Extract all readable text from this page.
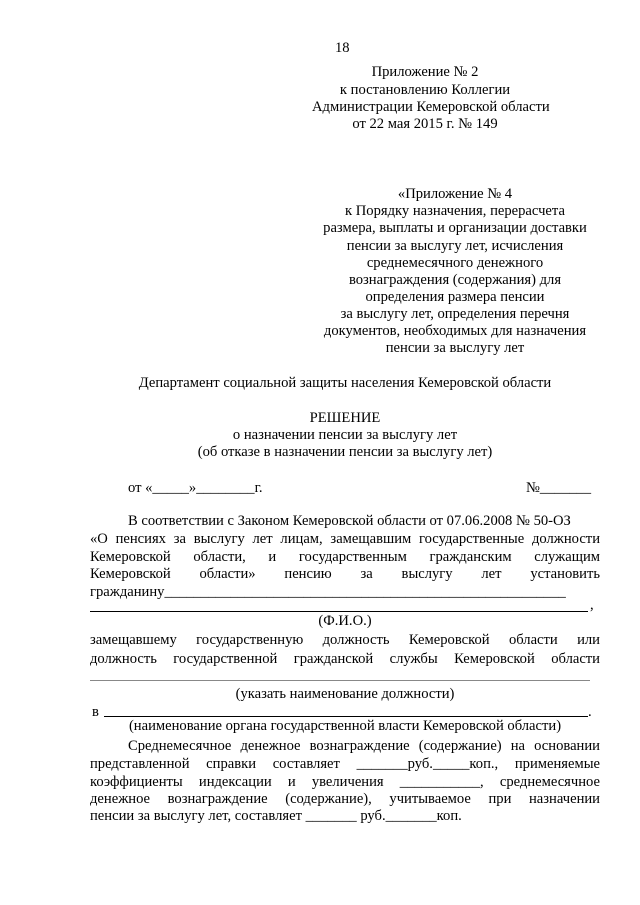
18
Приложение № 2
к постановлению Коллегии
Администрации Кемеровской области
от 22 мая 2015 г. № 149
«Приложение № 4
к Порядку назначения, перерасчета
размера, выплаты и организации доставки
пенсии за выслугу лет, исчисления
среднемесячного денежного
вознаграждения (содержания) для
определения размера пенсии
за выслугу лет, определения перечня
документов, необходимых для назначения
пенсии за выслугу лет
Департамент социальной защиты населения Кемеровской области
РЕШЕНИЕ
о назначении пенсии за выслугу лет
(об отказе в назначении пенсии за выслугу лет)
от «_____»________г.	№_______
В соответствии с Законом Кемеровской области от 07.06.2008 № 50-ОЗ
«О пенсиях за выслугу лет лицам, замещавшим государственные должности
Кемеровской области, и государственным гражданским служащим
Кемеровской области» пенсию за выслугу лет установить
гражданину_______________________________________________________
,
(Ф.И.О.)
замещавшему государственную должность Кемеровской области или
должность государственной гражданской службы Кемеровской области
(указать наименование должности)
в	.
(наименование органа государственной власти Кемеровской области)
Среднемесячное денежное вознаграждение (содержание) на основании
представленной справки составляет _______руб._____коп., применяемые
коэффициенты индексации и увеличения ___________, среднемесячное
денежное вознаграждение (содержание), учитываемое при назначении
пенсии за выслугу лет, составляет _______ руб._______коп.
